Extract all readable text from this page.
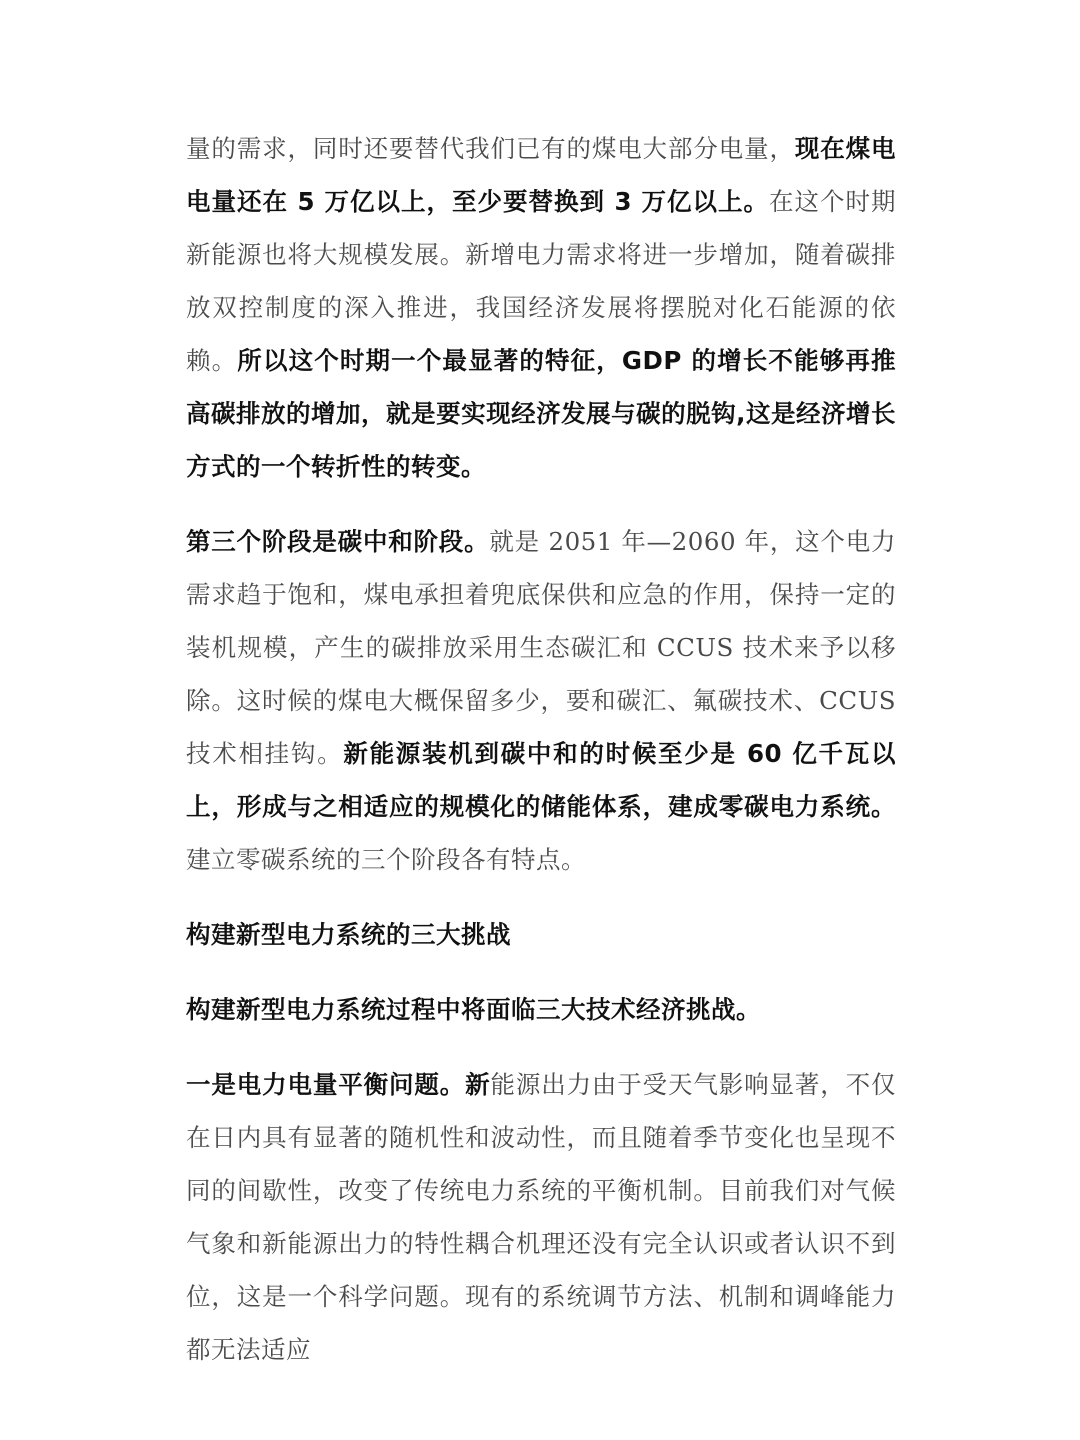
量的需求，同时还要替代我们已有的煤电大部分电量，现在煤电电量还在 5 万亿以上，至少要替换到 3 万亿以上。在这个时期新能源也将大规模发展。新增电力需求将进一步增加，随着碳排放双控制度的深入推进，我国经济发展将摆脱对化石能源的依赖。所以这个时期一个最显著的特征，GDP 的增长不能够再推高碳排放的增加，就是要实现经济发展与碳的脱钩,这是经济增长方式的一个转折性的转变。

第三个阶段是碳中和阶段。就是 2051 年—2060 年，这个电力需求趋于饱和，煤电承担着兜底保供和应急的作用，保持一定的装机规模，产生的碳排放采用生态碳汇和 CCUS 技术来予以移除。这时候的煤电大概保留多少，要和碳汇、氟碳技术、CCUS 技术相挂钩。新能源装机到碳中和的时候至少是 60 亿千瓦以上，形成与之相适应的规模化的储能体系，建成零碳电力系统。建立零碳系统的三个阶段各有特点。

构建新型电力系统的三大挑战

构建新型电力系统过程中将面临三大技术经济挑战。

一是电力电量平衡问题。新能源出力由于受天气影响显著，不仅在日内具有显著的随机性和波动性，而且随着季节变化也呈现不同的间歇性，改变了传统电力系统的平衡机制。目前我们对气候气象和新能源出力的特性耦合机理还没有完全认识或者认识不到位，这是一个科学问题。现有的系统调节方法、机制和调峰能力都无法适应
